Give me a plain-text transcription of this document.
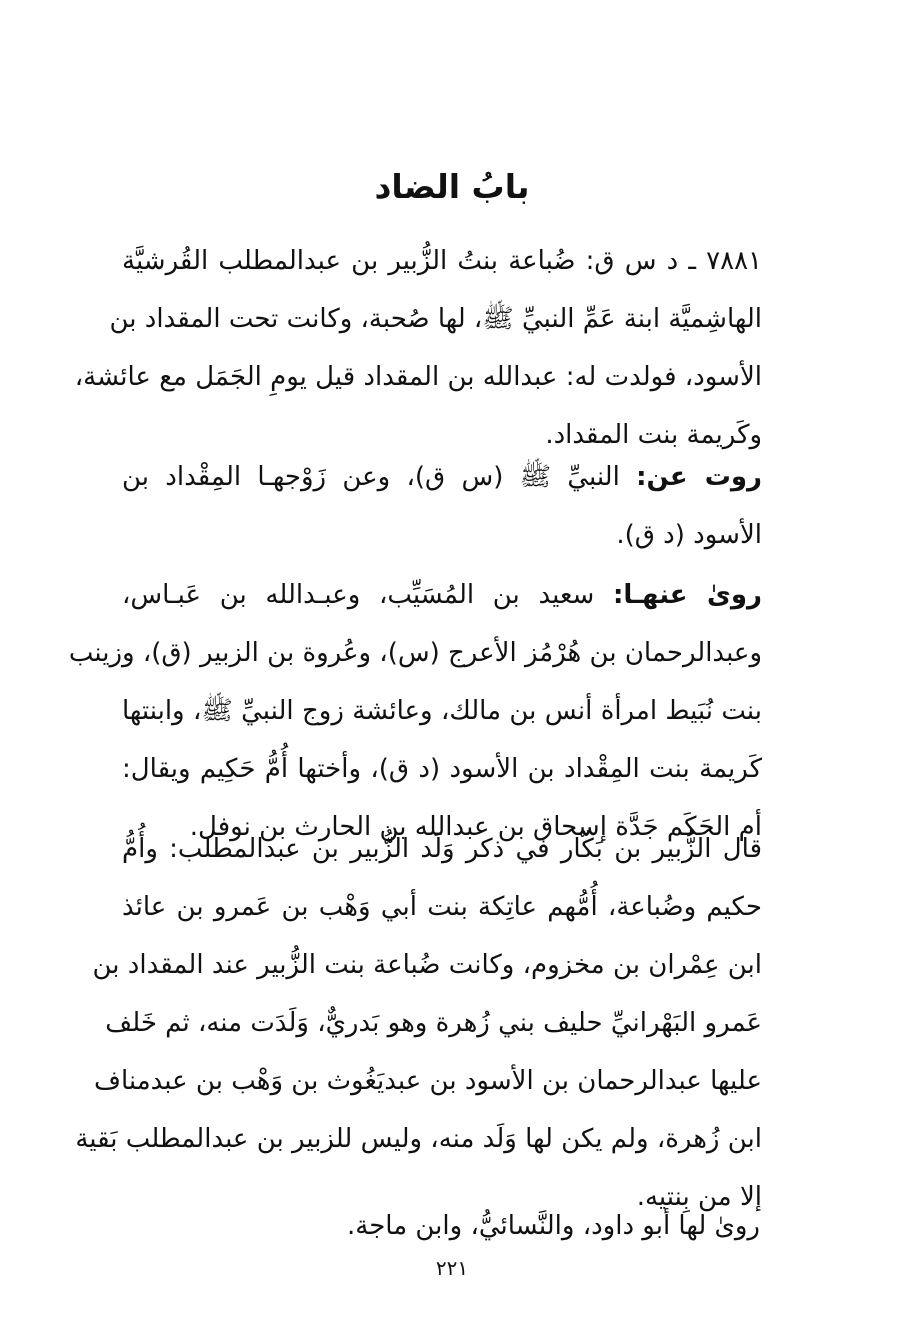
بابُ الضاد
٧٨٨١ ـ د س ق: ضُباعة بنتُ الزُّبير بن عبدالمطلب القُرشيَّة
الهاشِميَّة ابنة عَمِّ النبيِّ ﷺ، لها صُحبة، وكانت تحت المقداد بن
الأسود، فولدت له: عبدالله بن المقداد قيل يومِ الجَمَل مع عائشة،
وكَريمة بنت المقداد.
روت عن: النبيِّ ﷺ (س ق)، وعن زَوْجهـا المِقْداد بن
الأسود (د ق).
روىٰ عنهـا: سعيد بن المُسَيِّب، وعبـدالله بن عَبـاس،
وعبدالرحمان بن هُرْمُز الأعرج (س)، وعُروة بن الزبير (ق)، وزينب
بنت نُبَيط امرأة أنس بن مالك، وعائشة زوج النبيِّ ﷺ، وابنتها
كَريمة بنت المِقْداد بن الأسود (د ق)، وأختها أُمُّ حَكِيم ويقال:
أم الحَكَم جَدَّة إسحاق بن عبدالله بن الحارث بن نوفل.
قال الزُّبير بن بَكّار في ذكر وَلَد الزُّبير بن عبدالمطلب: وأُمُّ
حكيم وضُباعة، أُمُّهم عاتِكة بنت أبي وَهْب بن عَمرو بن عائذ
ابن عِمْران بن مخزوم، وكانت ضُباعة بنت الزُّبير عند المقداد بن
عَمرو البَهْرانيِّ حليف بني زُهرة وهو بَدريٌّ، وَلَدَت منه، ثم خَلف
عليها عبدالرحمان بن الأسود بن عبديَغُوث بن وَهْب بن عبدمناف
ابن زُهرة، ولم يكن لها وَلَد منه، وليس للزبير بن عبدالمطلب بَقية
إلا من بِنتيه.
رویٰ لها أبو داود، والنَّسائيُّ، وابن ماجة.
٢٢١
